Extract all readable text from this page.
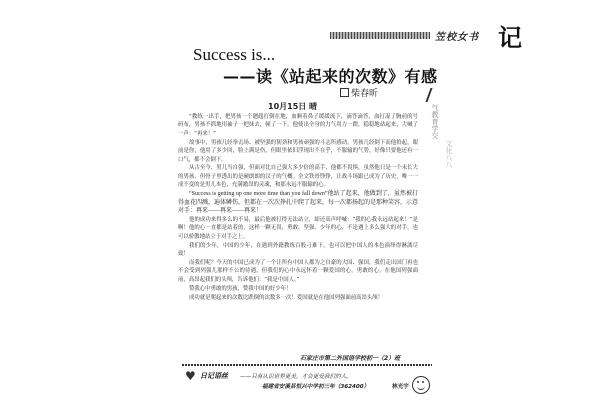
笠校女书 记
Success is...
——读《站起来的次数》有感
柴春昕
10月15日 晴

“教练一出手，把男孩一个趔趄打倒在地，血顺着鼻子缓缓流下，滴答滴答，血打湿了胸前的号码布，男孩不抓地用袖子一把抹去，顿了一下，他使出全身的力气用力一蹬，稳稳地站起来，大喊了一声：“再来！”

故事中，男孩几经拳击场、被坚强的韧劲和男孩顽强的斗志所感动，男孩几经倒下而他拾起，眼前是你，他用了多少回，脸上满是伤，但眼里依旧浮现出不在乎，不服输的气势，好像只要他还有一口气，都不会倒下。

从古至今，男儿当自强，但面对比自己强大多少倍的高手，他都不畏惧，虽然他只是一个未长大的男孩，但骨子里透出的是硬朗朗的汉子的气概。全文铁骨铮铮，让战斗场跟已成为了历史，唯一一成不变的是男儿本色，充满激昂的灵魂，和那永远不服输的心。

“Success is getting up one more time than you fall down”他站了起来，他做到了，虽然被打得血花四溅，遍体鳞伤，但都在一次次挣扎中爬了起来，每一次都扬起的是那种笑容，示意对手：再来——再来——再来！

他的成功来得多么的不易，最后他被打得无法站立，却还高声呼喊：“我的心我永远站起来！”是啊！他的心一直都是站着的，这样一颗无畏、勇敢、坚强、少年的心，不论遇上多么强大的对手，也可以骄傲地站立于对手之上。

我们的少年，中国的少年，在遇到外籍教练百般刁难下，也可以把中国人的本色演绎得淋漓尽致！

而我们呢？今天的中国已成为了一个让所有中国人都为之自豪的大国、强国，我们走出国门再也不会受到列强儿那样不公的待遇，但我们的心中永远怀着一颗爱国的心，勇敢的心，在他国列强面前，高昂起我们的头颅，告诉他们：“我是中国人。”

赞我心中勇敢的男孩，赞我中国的好少年！

成功就是爬起来的次数比跌倒的次数多一次！爱国就是在他国列强面前高昂头颅！

气教育学交
文化八八
石家庄市第二外国语学校初一（2）班
♥ 日记语丝 ——只有认识世界更美，才会更爱我们的人。
福建省安溪县恒兴中学初三年（362400）	林光宇
